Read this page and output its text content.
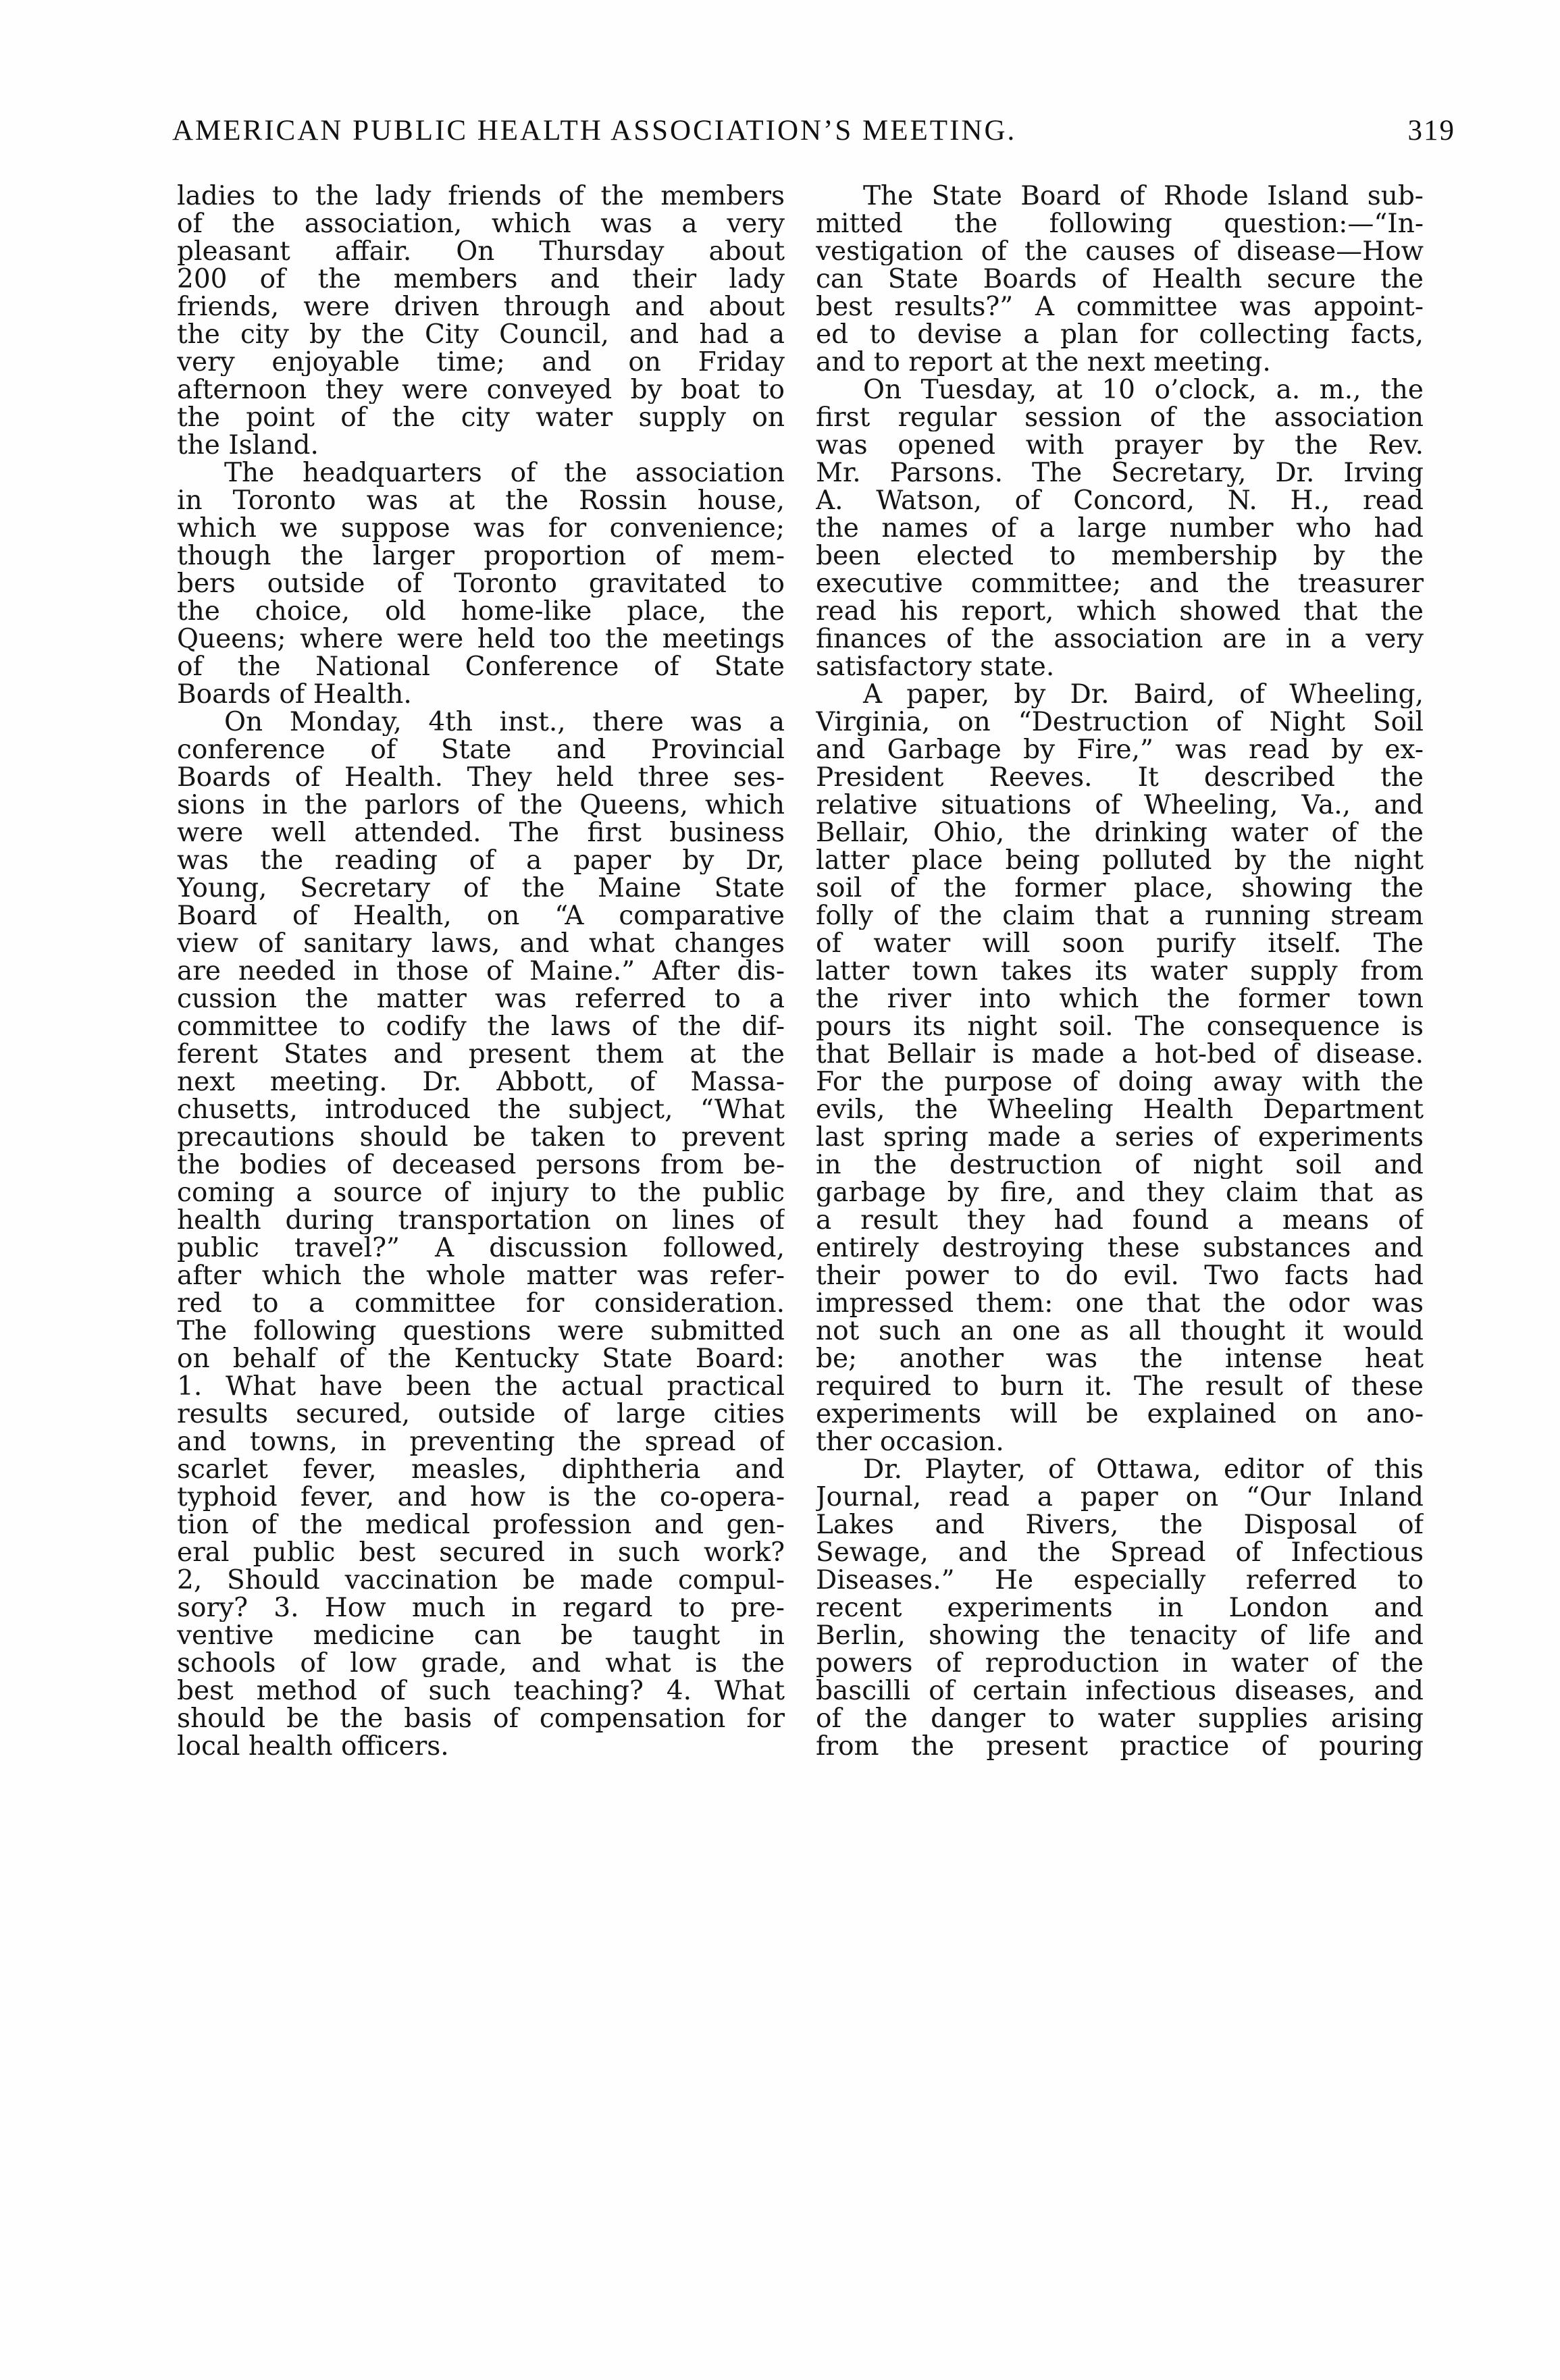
AMERICAN PUBLIC HEALTH ASSOCIATION’S MEETING.	319
ladies to the lady friends of the members
of the association, which was a very
pleasant affair. On Thursday about
200 of the members and their lady
friends, were driven through and about
the city by the City Council, and had a
very enjoyable time; and on Friday
afternoon they were conveyed by boat to
the point of the city water supply on
the Island.
The headquarters of the association
in Toronto was at the Rossin house,
which we suppose was for convenience;
though the larger proportion of mem-
bers outside of Toronto gravitated to
the choice, old home-like place, the
Queens; where were held too the meetings
of the National Conference of State
Boards of Health.
On Monday, 4th inst., there was a
conference of State and Provincial
Boards of Health. They held three ses-
sions in the parlors of the Queens, which
were well attended. The first business
was the reading of a paper by Dr,
Young, Secretary of the Maine State
Board of Health, on “A comparative
view of sanitary laws, and what changes
are needed in those of Maine.” After dis-
cussion the matter was referred to a
committee to codify the laws of the dif-
ferent States and present them at the
next meeting. Dr. Abbott, of Massa-
chusetts, introduced the subject, “What
precautions should be taken to prevent
the bodies of deceased persons from be-
coming a source of injury to the public
health during transportation on lines of
public travel?” A discussion followed,
after which the whole matter was refer-
red to a committee for consideration.
The following questions were submitted
on behalf of the Kentucky State Board:
1. What have been the actual practical
results secured, outside of large cities
and towns, in preventing the spread of
scarlet fever, measles, diphtheria and
typhoid fever, and how is the co-opera-
tion of the medical profession and gen-
eral public best secured in such work?
2, Should vaccination be made compul-
sory? 3. How much in regard to pre-
ventive medicine can be taught in
schools of low grade, and what is the
best method of such teaching? 4. What
should be the basis of compensation for
local health officers.
The State Board of Rhode Island sub-
mitted the following question:—“In-
vestigation of the causes of disease—How
can State Boards of Health secure the
best results?” A committee was appoint-
ed to devise a plan for collecting facts,
and to report at the next meeting.
On Tuesday, at 10 o’clock, a. m., the
first regular session of the association
was opened with prayer by the Rev.
Mr. Parsons. The Secretary, Dr. Irving
A. Watson, of Concord, N. H., read
the names of a large number who had
been elected to membership by the
executive committee; and the treasurer
read his report, which showed that the
finances of the association are in a very
satisfactory state.
A paper, by Dr. Baird, of Wheeling,
Virginia, on “Destruction of Night Soil
and Garbage by Fire,” was read by ex-
President Reeves. It described the
relative situations of Wheeling, Va., and
Bellair, Ohio, the drinking water of the
latter place being polluted by the night
soil of the former place, showing the
folly of the claim that a running stream
of water will soon purify itself. The
latter town takes its water supply from
the river into which the former town
pours its night soil. The consequence is
that Bellair is made a hot-bed of disease.
For the purpose of doing away with the
evils, the Wheeling Health Department
last spring made a series of experiments
in the destruction of night soil and
garbage by fire, and they claim that as
a result they had found a means of
entirely destroying these substances and
their power to do evil. Two facts had
impressed them: one that the odor was
not such an one as all thought it would
be; another was the intense heat
required to burn it. The result of these
experiments will be explained on ano-
ther occasion.
Dr. Playter, of Ottawa, editor of this
Journal, read a paper on “Our Inland
Lakes and Rivers, the Disposal of
Sewage, and the Spread of Infectious
Diseases.” He especially referred to
recent experiments in London and
Berlin, showing the tenacity of life and
powers of reproduction in water of the
bascilli of certain infectious diseases, and
of the danger to water supplies arising
from the present practice of pouring
